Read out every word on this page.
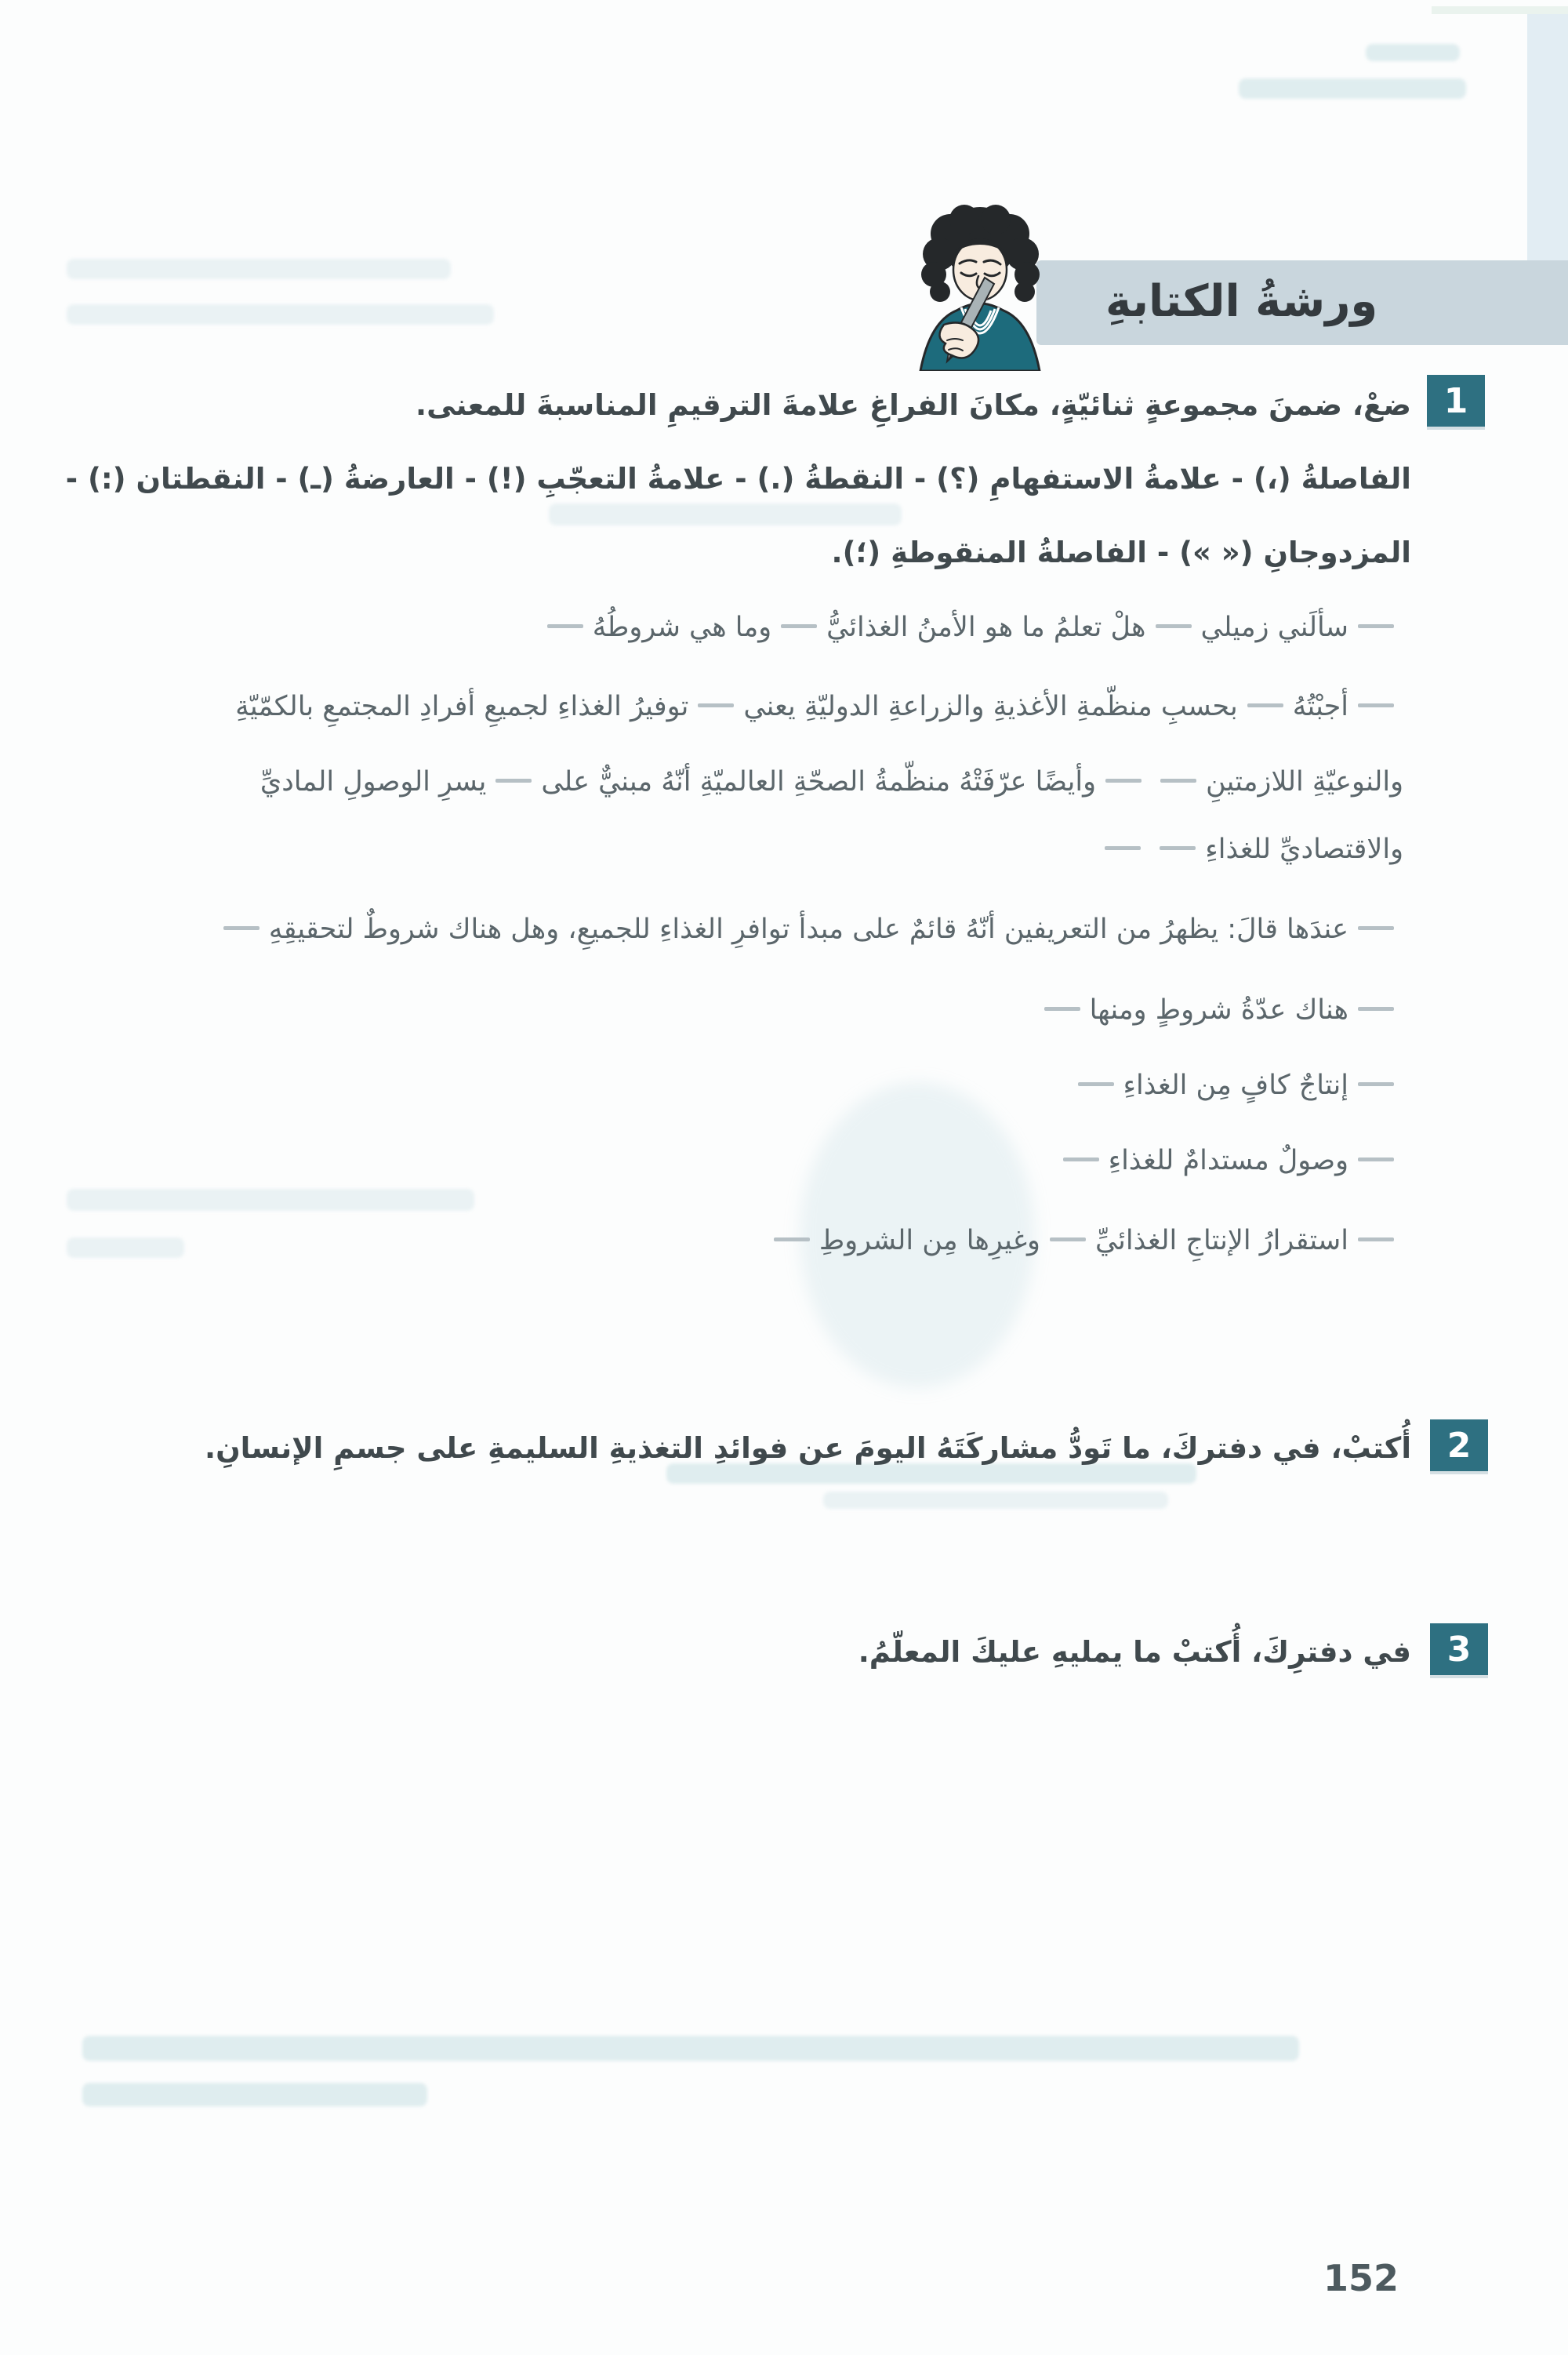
ورشةُ الكتابةِ
1

ضعْ، ضمنَ مجموعةٍ ثنائيّةٍ، مكانَ الفراغِ علامةَ الترقيمِ المناسبةَ للمعنى.

الفاصلةُ (،) - علامةُ الاستفهامِ (؟) - النقطةُ (.) - علامةُ التعجّبِ (!) - العارضةُ (ـ) - النقطتان (:) -

المزدوجانِ (« ») - الفاصلةُ المنقوطةِ (؛).

سألَني زميليهلْ تعلمُ ما هو الأمنُ الغذائيُّوما هي شروطُهُ

أجبْتُهُبحسبِ منظّمةِ الأغذيةِ والزراعةِ الدوليّةِ يعنيتوفيرُ الغذاءِ لجميعِ أفرادِ المجتمعِ بالكمّيّةِ

والنوعيّةِ اللازمتينِوأيضًا عرّفَتْهُ منظّمةُ الصحّةِ العالميّةِ أنّهُ مبنيٌّ علىيسرِ الوصولِ الماديِّ

والاقتصاديِّ للغذاءِ

عندَها قالَ: يظهرُ من التعريفين أنّهُ قائمٌ على مبدأ توافرِ الغذاءِ للجميعِ، وهل هناك شروطٌ لتحقيقِهِ

هناك عدّةُ شروطٍ ومنها

إنتاجٌ كافٍ مِن الغذاءِ

وصولٌ مستدامٌ للغذاءِ

استقرارُ الإنتاجِ الغذائيِّوغيرِها مِن الشروطِ

2

أُكتبْ، في دفتركَ، ما تَودُّ مشاركَتَهُ اليومَ عن فوائدِ التغذيةِ السليمةِ على جسمِ الإنسانِ.

3

في دفترِكَ، أُكتبْ ما يمليهِ عليكَ المعلّمُ.

152
